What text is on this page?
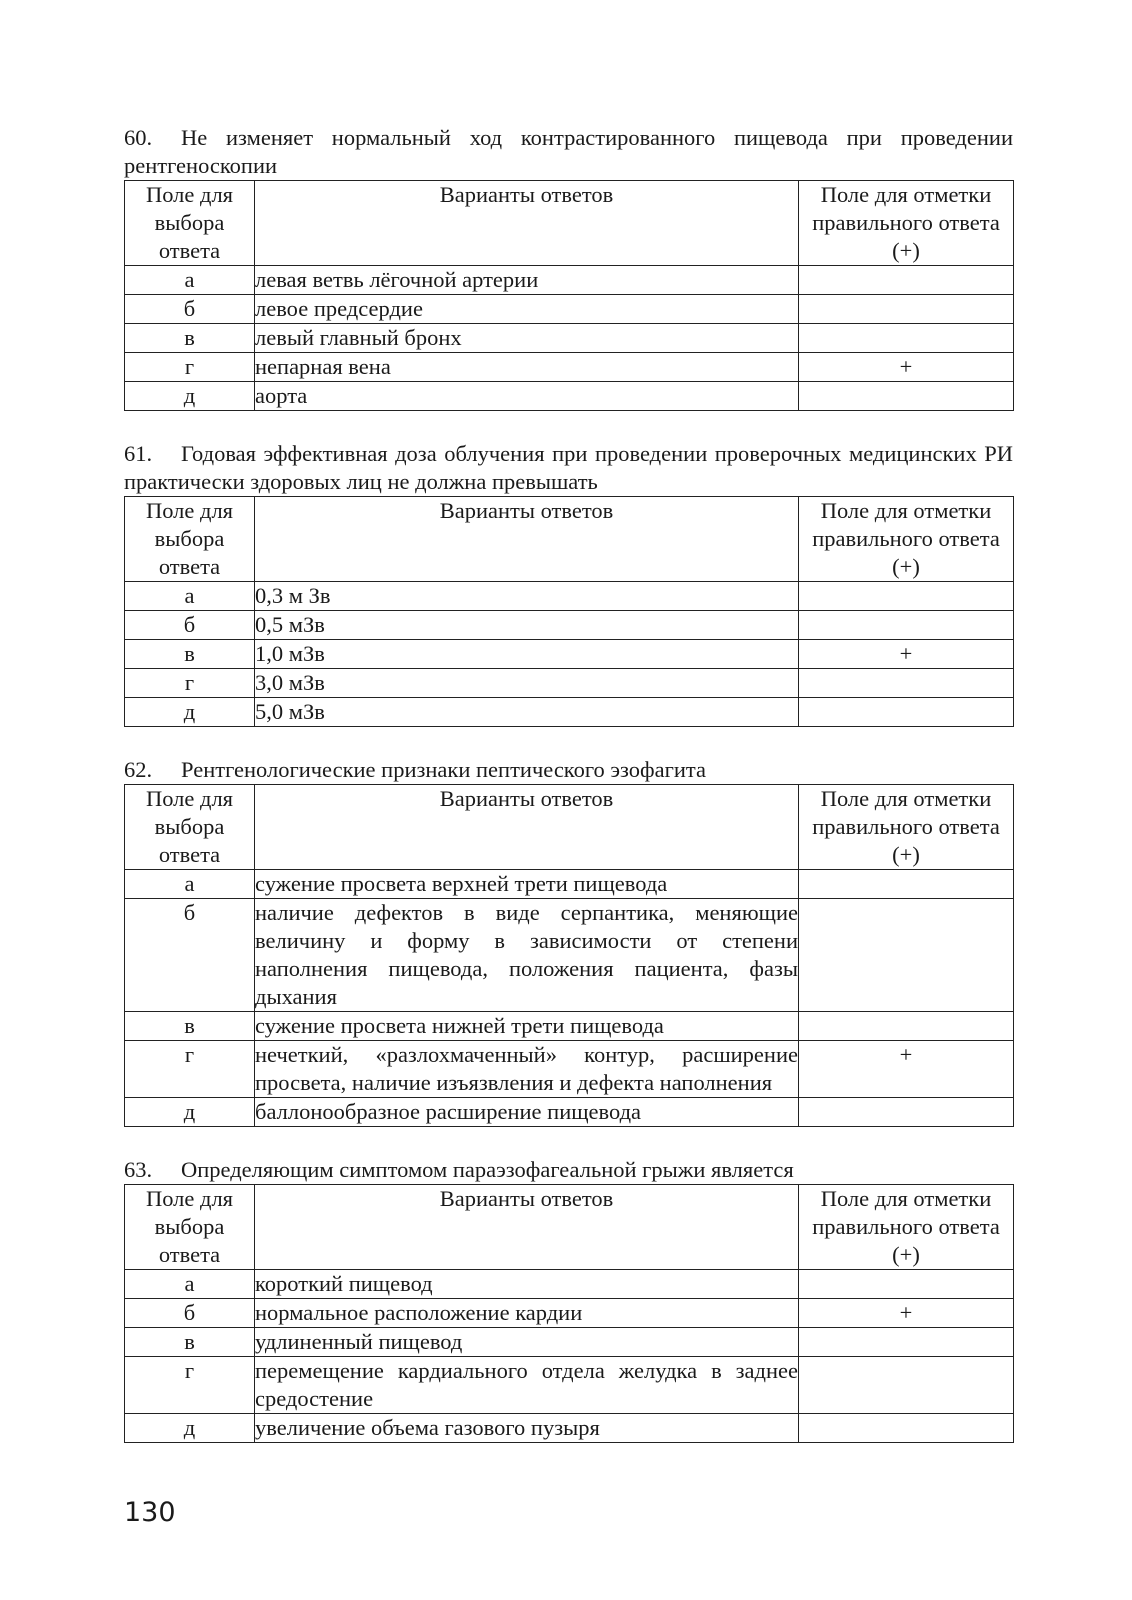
60. Не изменяет нормальный ход контрастированного пищевода при проведении рентгеноскопии

Поле для выбора ответа	Варианты ответов	Поле для отметки правильного ответа (+)
а	левая ветвь лёгочной артерии	
б	левое предсердие	
в	левый главный бронх	
г	непарная вена	+
д	аорта	

61. Годовая эффективная доза облучения при проведении проверочных медицинских РИ практически здоровых лиц не должна превышать

Поле для выбора ответа	Варианты ответов	Поле для отметки правильного ответа (+)
а	0,3 м Зв	
б	0,5 мЗв	
в	1,0 мЗв	+
г	3,0 мЗв	
д	5,0 мЗв	

62. Рентгенологические признаки пептического эзофагита

Поле для выбора ответа	Варианты ответов	Поле для отметки правильного ответа (+)
а	сужение просвета верхней трети пищевода	
б	наличие дефектов в виде серпантика, меняющие величину и форму в зависимости от степени наполнения пищевода, положения пациента, фазы дыхания	
в	сужение просвета нижней трети пищевода	
г	нечеткий, «разлохмаченный» контур, расширение просвета, наличие изъязвления и дефекта наполнения	+
д	баллонообразное расширение пищевода	

63. Определяющим симптомом параэзофагеальной грыжи является

Поле для выбора ответа	Варианты ответов	Поле для отметки правильного ответа (+)
а	короткий пищевод	
б	нормальное расположение кардии	+
в	удлиненный пищевод	
г	перемещение кардиального отдела желудка в заднее средостение	
д	увеличение объема газового пузыря	
130
